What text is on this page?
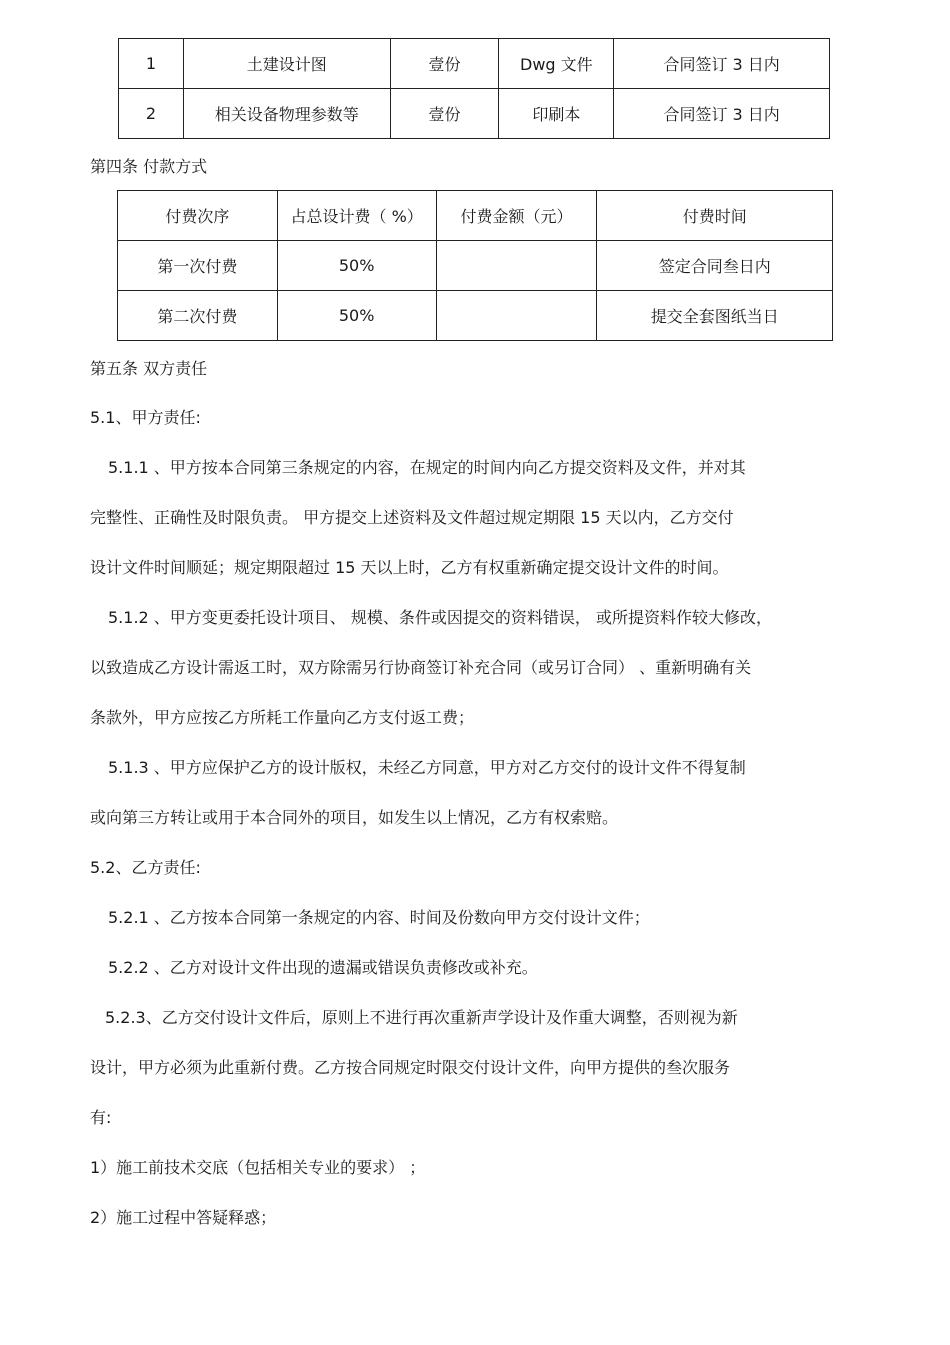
1	土建设计图	壹份	Dwg 文件	合同签订 3 日内
2	相关设备物理参数等	壹份	印刷本	合同签订 3 日内
第四条 付款方式
付费次序	占总设计费（ %）	付费金额（元）	付费时间
第一次付费	50%		签定合同叁日内
第二次付费	50%		提交全套图纸当日
第五条 双方责任
5.1、甲方责任:
5.1.1 、甲方按本合同第三条规定的内容，在规定的时间内向乙方提交资料及文件，并对其
完整性、正确性及时限负责。 甲方提交上述资料及文件超过规定期限 15 天以内，乙方交付
设计文件时间顺延；规定期限超过 15 天以上时，乙方有权重新确定提交设计文件的时间。
5.1.2 、甲方变更委托设计项目、 规模、条件或因提交的资料错误， 或所提资料作较大修改，
以致造成乙方设计需返工时，双方除需另行协商签订补充合同（或另订合同） 、重新明确有关
条款外，甲方应按乙方所耗工作量向乙方支付返工费；
5.1.3 、甲方应保护乙方的设计版权，未经乙方同意，甲方对乙方交付的设计文件不得复制
或向第三方转让或用于本合同外的项目，如发生以上情况，乙方有权索赔。
5.2、乙方责任:
5.2.1 、乙方按本合同第一条规定的内容、时间及份数向甲方交付设计文件；
5.2.2 、乙方对设计文件出现的遗漏或错误负责修改或补充。
5.2.3、乙方交付设计文件后，原则上不进行再次重新声学设计及作重大调整，否则视为新
设计，甲方必须为此重新付费。乙方按合同规定时限交付设计文件，向甲方提供的叁次服务
有:
1）施工前技术交底（包括相关专业的要求） ；
2）施工过程中答疑释惑；
